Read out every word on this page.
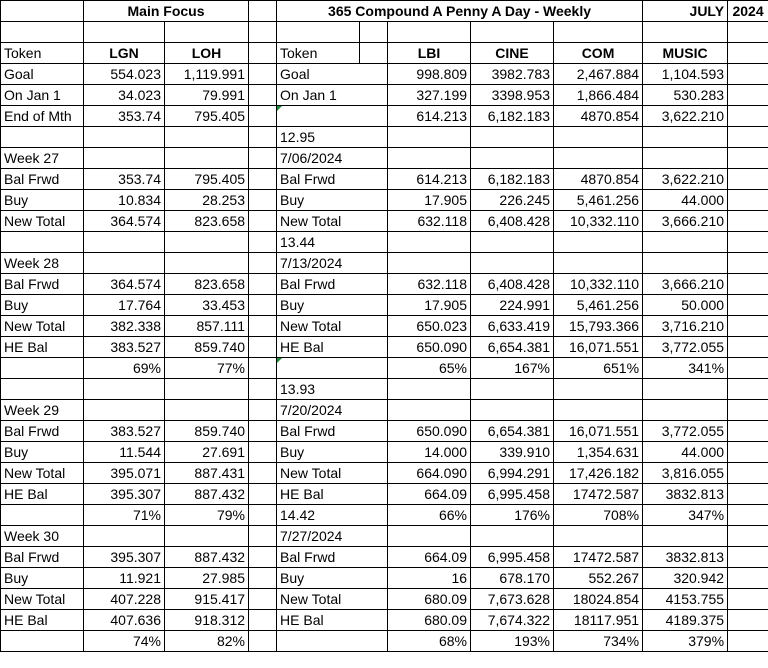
	Main Focus			365 Compound A Penny A Day - Weekly					JULY	2024

Token	LGN	LOH		Token		LBI	CINE	COM	MUSIC	
Goal	554.023	1,119.991		Goal		998.809	3982.783	2,467.884	1,104.593	
On Jan 1	34.023	79.991		On Jan 1		327.199	3398.953	1,866.484	530.283	
End of Mth	353.74	795.405				614.213	6,182.183	4870.854	3,622.210	
				12.95						
Week 27				7/06/2024						
Bal Frwd	353.74	795.405		Bal Frwd		614.213	6,182.183	4870.854	3,622.210	
Buy	10.834	28.253		Buy		17.905	226.245	5,461.256	44.000	
New Total	364.574	823.658		New Total		632.118	6,408.428	10,332.110	3,666.210	
				13.44						
Week 28				7/13/2024						
Bal Frwd	364.574	823.658		Bal Frwd		632.118	6,408.428	10,332.110	3,666.210	
Buy	17.764	33.453		Buy		17.905	224.991	5,461.256	50.000	
New Total	382.338	857.111		New Total		650.023	6,633.419	15,793.366	3,716.210	
HE Bal	383.527	859.740		HE Bal		650.090	6,654.381	16,071.551	3,772.055	
	69%	77%				65%	167%	651%	341%	
				13.93						
Week 29				7/20/2024						
Bal Frwd	383.527	859.740		Bal Frwd		650.090	6,654.381	16,071.551	3,772.055	
Buy	11.544	27.691		Buy		14.000	339.910	1,354.631	44.000	
New Total	395.071	887.431		New Total		664.090	6,994.291	17,426.182	3,816.055	
HE Bal	395.307	887.432		HE Bal		664.09	6,995.458	17472.587	3832.813	
	71%	79%		14.42		66%	176%	708%	347%	
Week 30				7/27/2024						
Bal Frwd	395.307	887.432		Bal Frwd		664.09	6,995.458	17472.587	3832.813	
Buy	11.921	27.985		Buy		16	678.170	552.267	320.942	
New Total	407.228	915.417		New Total		680.09	7,673.628	18024.854	4153.755	
HE Bal	407.636	918.312		HE Bal		680.09	7,674.322	18117.951	4189.375	
	74%	82%				68%	193%	734%	379%	
